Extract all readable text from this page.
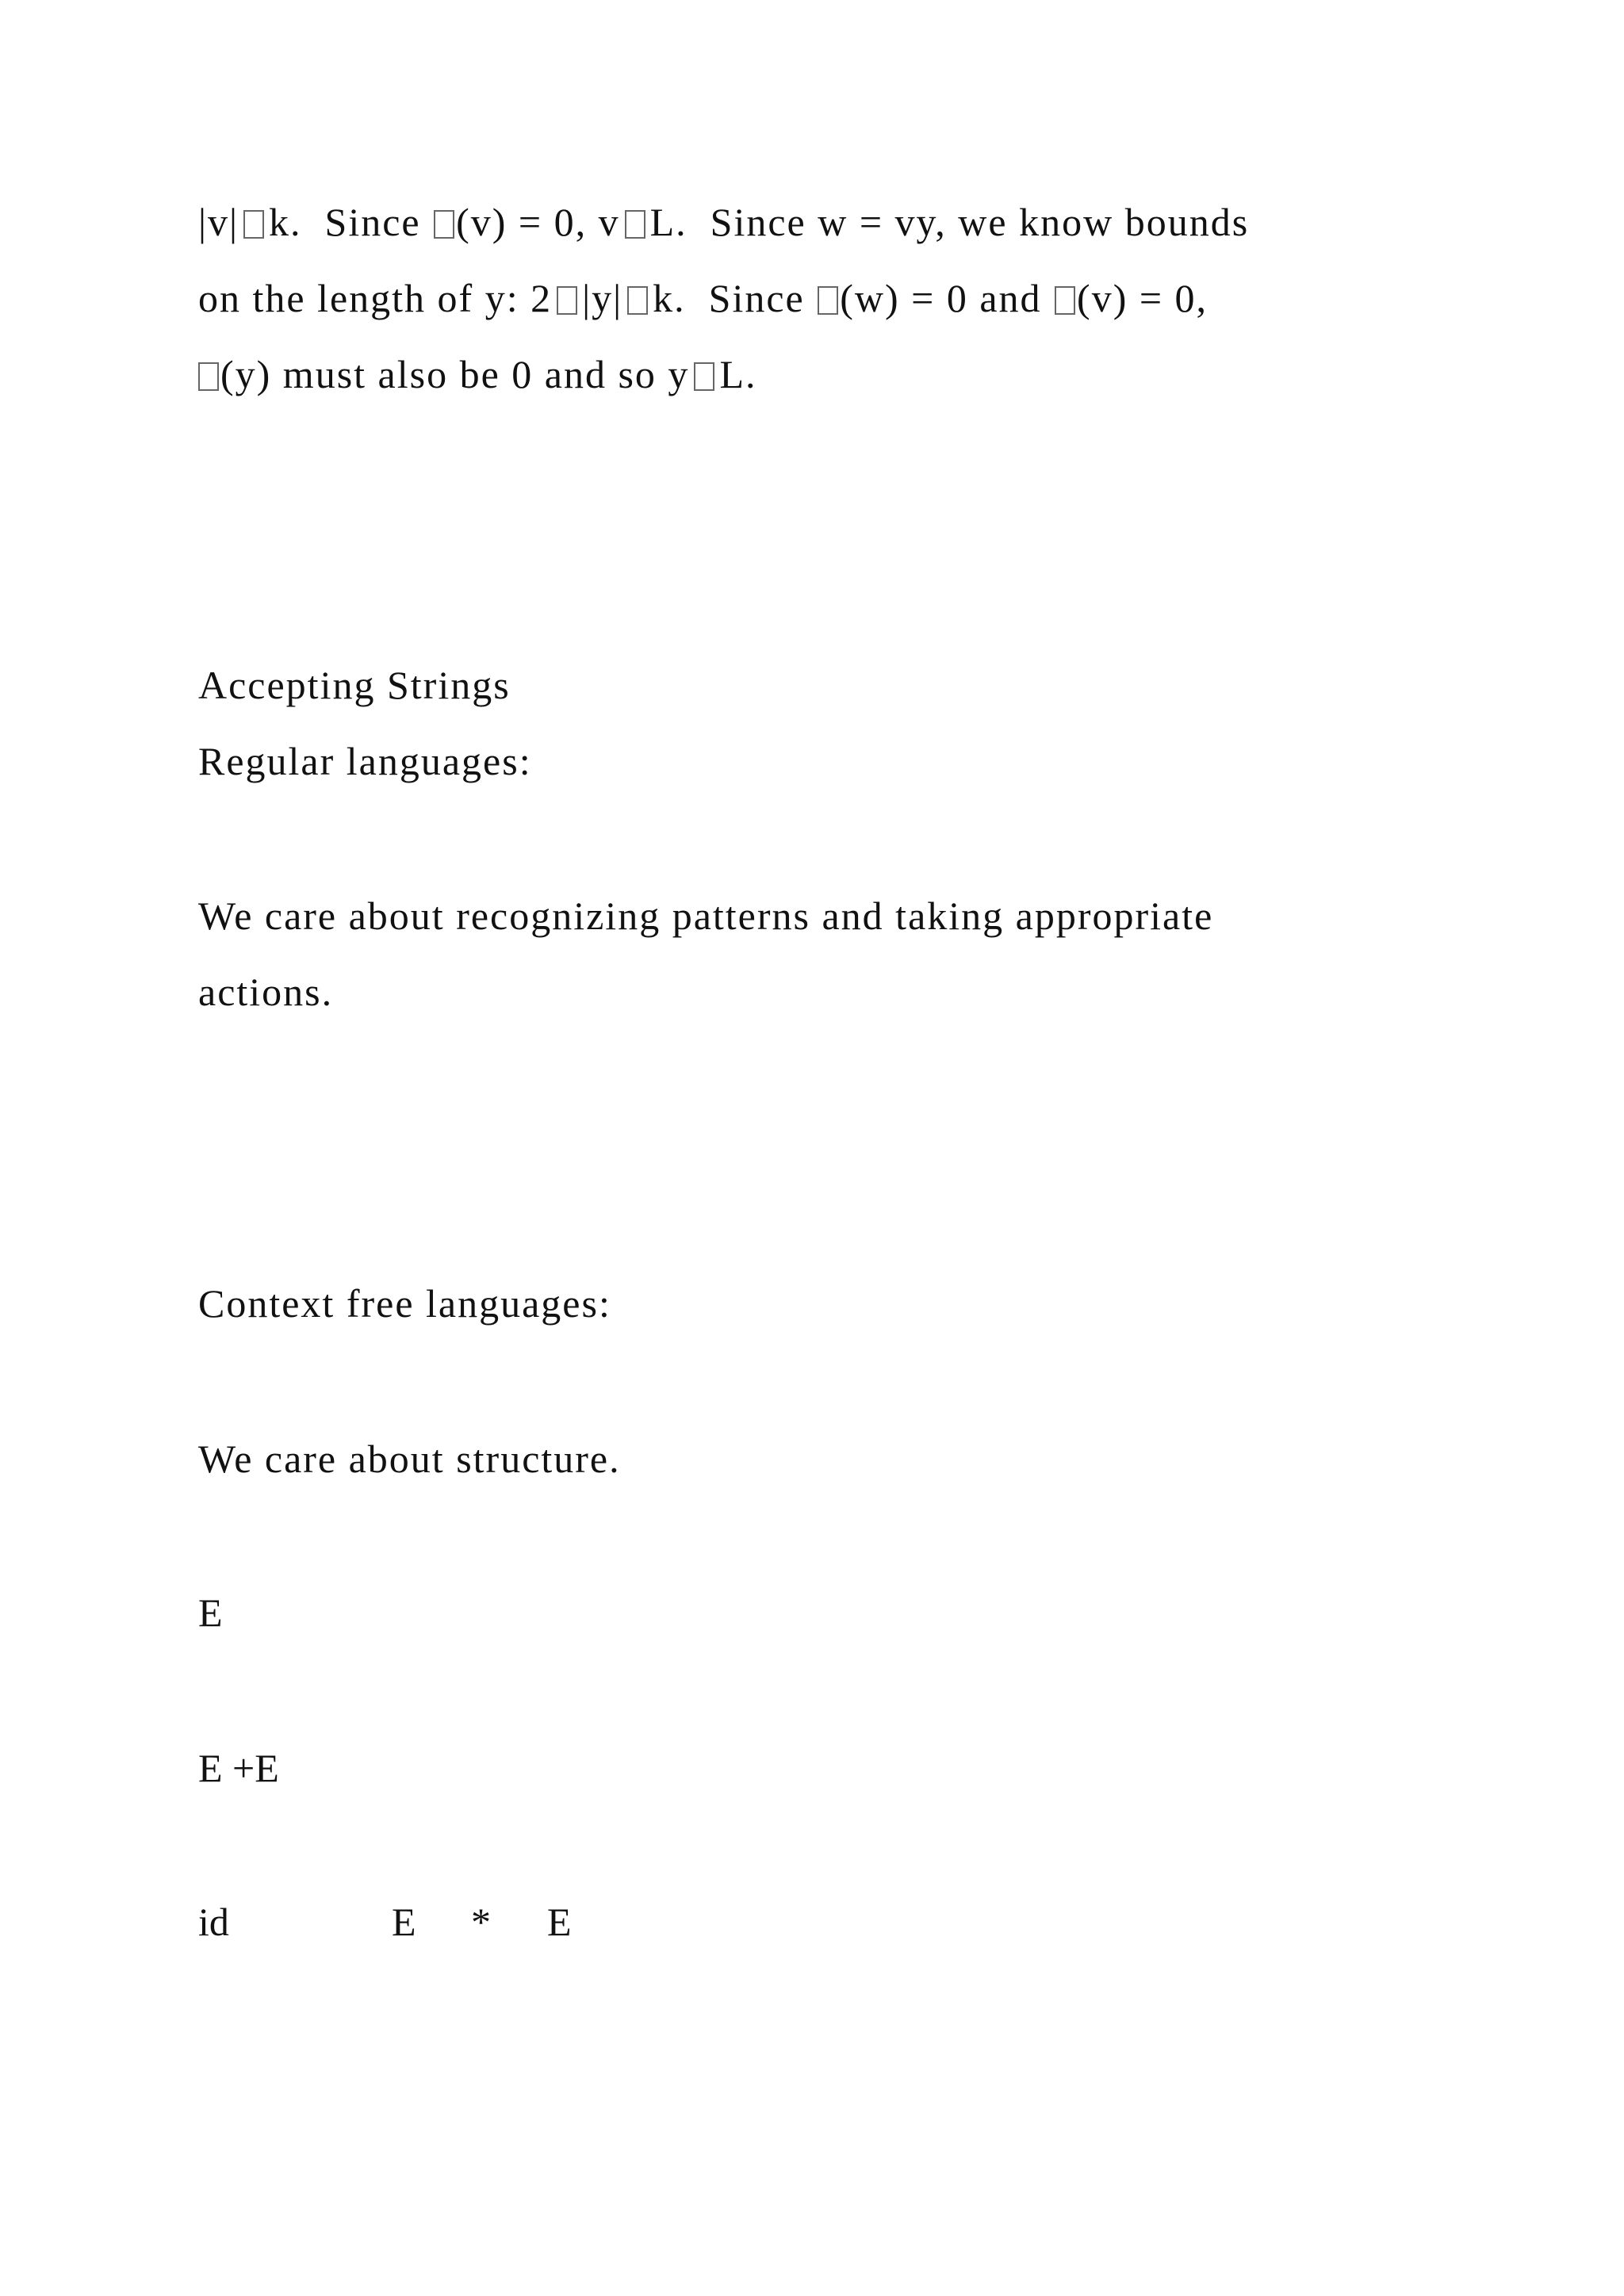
|v| k.  Since (v) = 0, v L.  Since w = vy, we know bounds
on the length of y: 2 |y| k.  Since (w) = 0 and (v) = 0,
(y) must also be 0 and so y L.
Accepting Strings
Regular languages:
We care about recognizing patterns and taking appropriate
actions.
Context free languages:
We care about structure.
E
E +E
id	E * E
